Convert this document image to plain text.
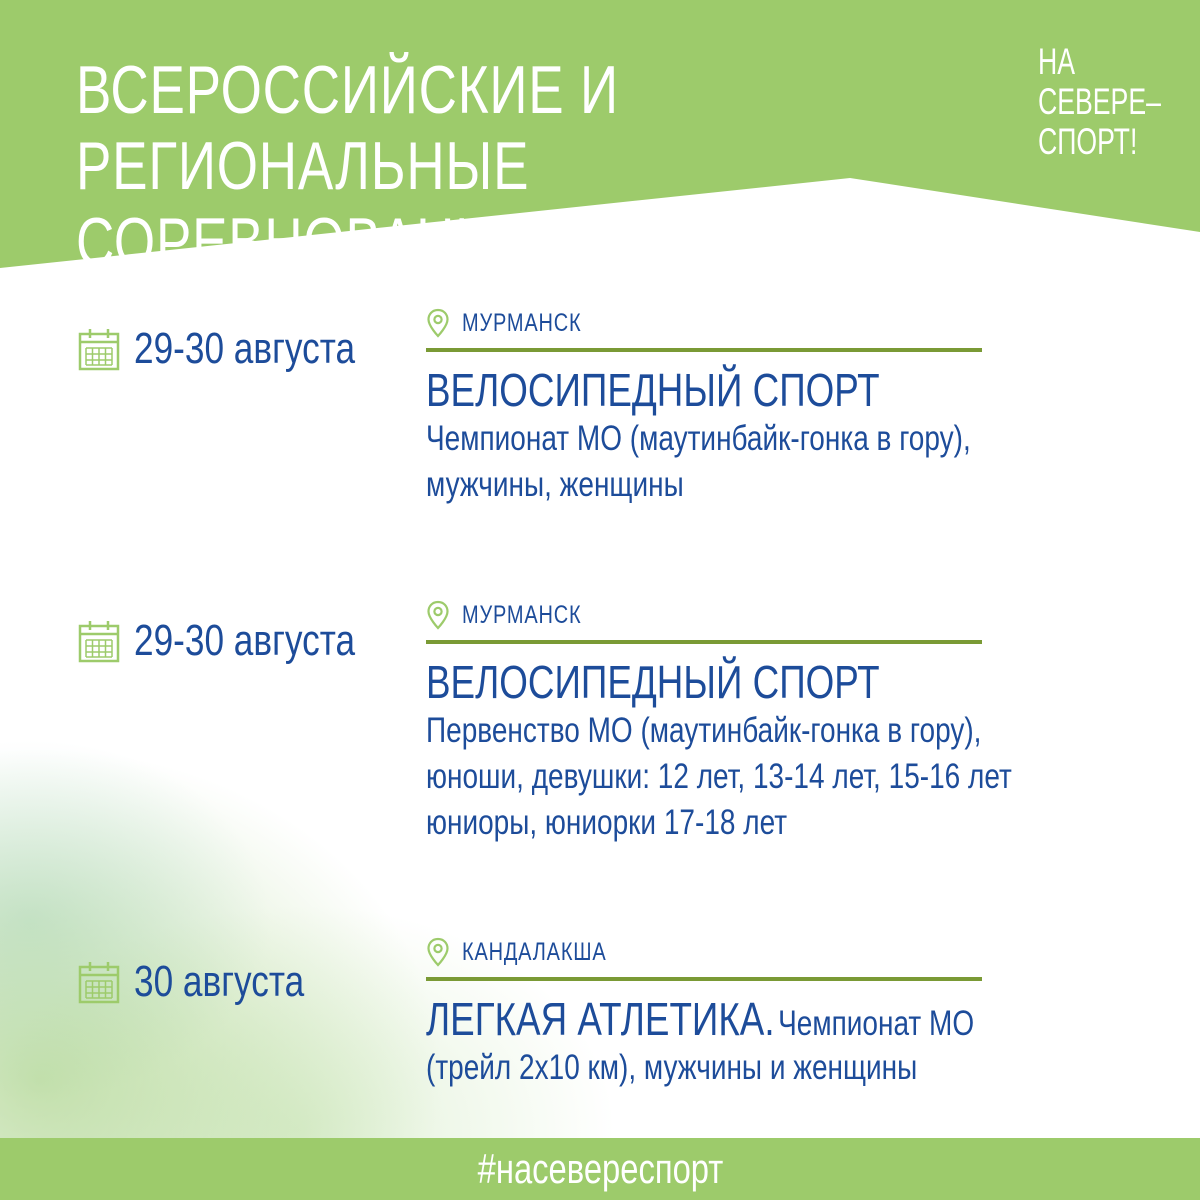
ВСЕРОССИЙСКИЕ И РЕГИОНАЛЬНЫЕ
СОРЕВНОВАНИЯ
НА
СЕВЕРЕ–
СПОРТ!
29-30 августа
МУРМАНСК
ВЕЛОСИПЕДНЫЙ СПОРТ
Чемпионат МО (маутинбайк-гонка в гору),
мужчины, женщины
29-30 августа
МУРМАНСК
ВЕЛОСИПЕДНЫЙ СПОРТ
Первенство МО (маутинбайк-гонка в гору),
юноши, девушки: 12 лет, 13-14 лет, 15-16 лет
юниоры, юниорки 17-18 лет
30 августа
КАНДАЛАКША
ЛЕГКАЯ АТЛЕТИКА. Чемпионат МО
(трейл 2х10 км), мужчины и женщины
#насевереспорт
